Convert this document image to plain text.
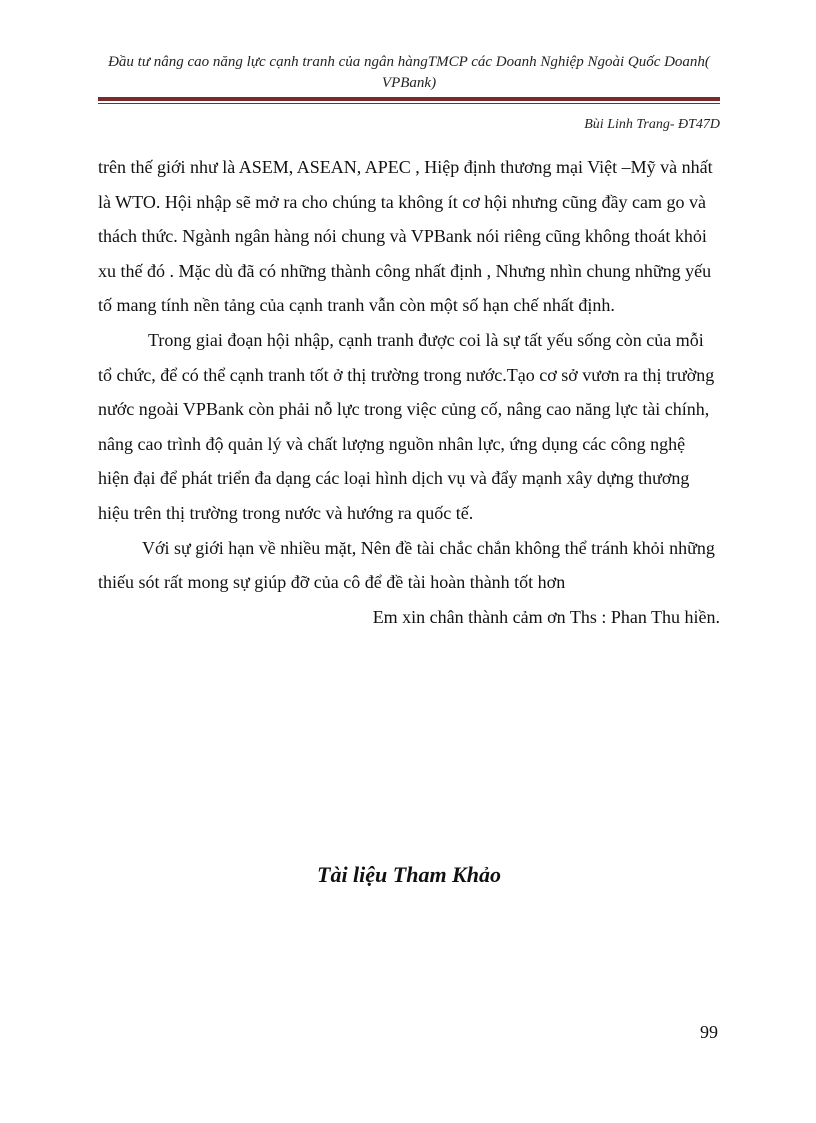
Đầu tư nâng cao năng lực cạnh tranh của ngân hàngTMCP các Doanh Nghiệp Ngoài Quốc Doanh( VPBank)
Bùi Linh Trang- ĐT47D

trên thế giới như là ASEM, ASEAN, APEC , Hiệp định thương mại Việt –Mỹ và nhất là WTO. Hội nhập sẽ mở ra cho chúng ta không ít cơ hội nhưng cũng đầy cam go và thách thức. Ngành ngân hàng nói chung và VPBank nói riêng cũng không thoát khỏi xu thế đó . Mặc dù đã có những thành công nhất định , Nhưng nhìn chung những yếu tố mang tính nền tảng của cạnh tranh vẫn còn một số hạn chế nhất định.

Trong giai đoạn hội nhập, cạnh tranh được coi là sự tất yếu sống còn của mỗi tổ chức, để có thể cạnh tranh tốt ở thị trường trong nước.Tạo cơ sở vươn ra thị trường nước ngoài VPBank còn phải nỗ lực trong việc củng cố, nâng cao năng lực tài chính, nâng cao trình độ quản lý và chất lượng nguồn nhân lực, ứng dụng các công nghệ hiện đại để phát triển đa dạng các loại hình dịch vụ và đẩy mạnh xây dựng thương hiệu trên thị trường trong nước và hướng ra quốc tế.

Với sự giới hạn về nhiều mặt, Nên đề tài chắc chắn không thể tránh khỏi những thiếu sót rất mong sự giúp đỡ của cô để đề tài hoàn thành tốt hơn

Em xin chân thành cảm ơn Ths : Phan Thu hiền.

Tài liệu Tham Khảo
99
